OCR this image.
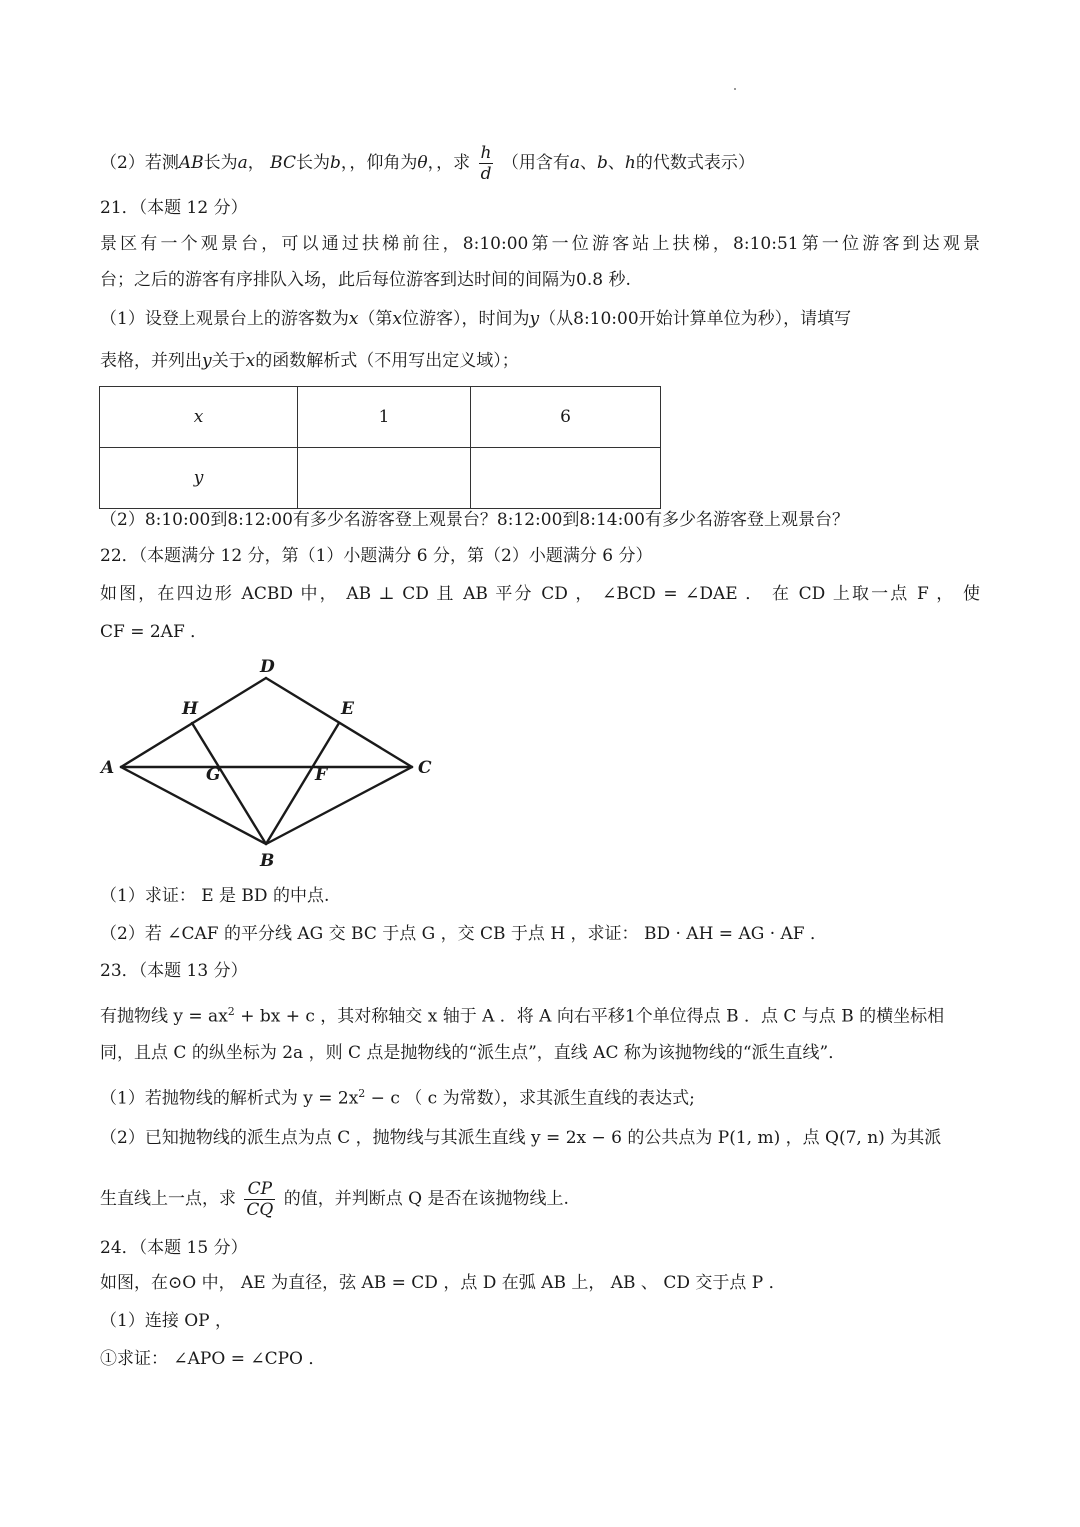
（2）若测AB长为a， BC长为b，，仰角为θ，，求 $\frac{h}{d}$ （用含有a、b、h的代数式表示）
21．（本题 12 分）
景区有一个观景台，可以通过扶梯前往，8:10:00第一位游客站上扶梯，8:10:51第一位游客到达观景
台；之后的游客有序排队入场，此后每位游客到达时间的间隔为0.8 秒.
（1）设登上观景台上的游客数为x（第x位游客），时间为y（从8:10:00开始计算单位为秒），请填写
表格，并列出y关于x的函数解析式（不用写出定义域）；
x	1	6
y		
（2）8:10:00到8:12:00有多少名游客登上观景台？8:12:00到8:14:00有多少名游客登上观景台？
22．（本题满分 12 分，第（1）小题满分 6 分，第（2）小题满分 6 分）
如图，在四边形 ACBD 中， AB ⊥ CD 且 AB 平分 CD ， ∠BCD = ∠DAE ． 在 CD 上取一点 F ， 使
CF = 2AF ．
D
H	E
A	G	F	C
B
（1）求证： E 是 BD 的中点.
（2）若 ∠CAF 的平分线 AG 交 BC 于点 G ，交 CB 于点 H ，求证： BD · AH = AG · AF ．
23．（本题 13 分）
有抛物线 $y = ax^2$ + bx + c ，其对称轴交 x 轴于 A ．将 A 向右平移1个单位得点 B ．点 C 与点 B 的横坐标相
同，且点 C 的纵坐标为 2a ，则 C 点是抛物线的“派生点”，直线 AC 称为该抛物线的“派生直线”．
（1）若抛物线的解析式为 $y = 2x^2 - c$ （ c 为常数），求其派生直线的表达式;
（2）已知抛物线的派生点为点 C ，抛物线与其派生直线 y = 2x − 6 的公共点为 P(1, m) ，点 Q(7, n) 为其派
生直线上一点，求 $\frac{CP}{CQ}$ 的值，并判断点 Q 是否在该抛物线上.
24．（本题 15 分）
如图，在⊙O 中， AE 为直径，弦 AB = CD ，点 D 在弧 AB 上， AB 、 CD 交于点 P ．
（1）连接 OP ，
①求证： ∠APO = ∠CPO ．
